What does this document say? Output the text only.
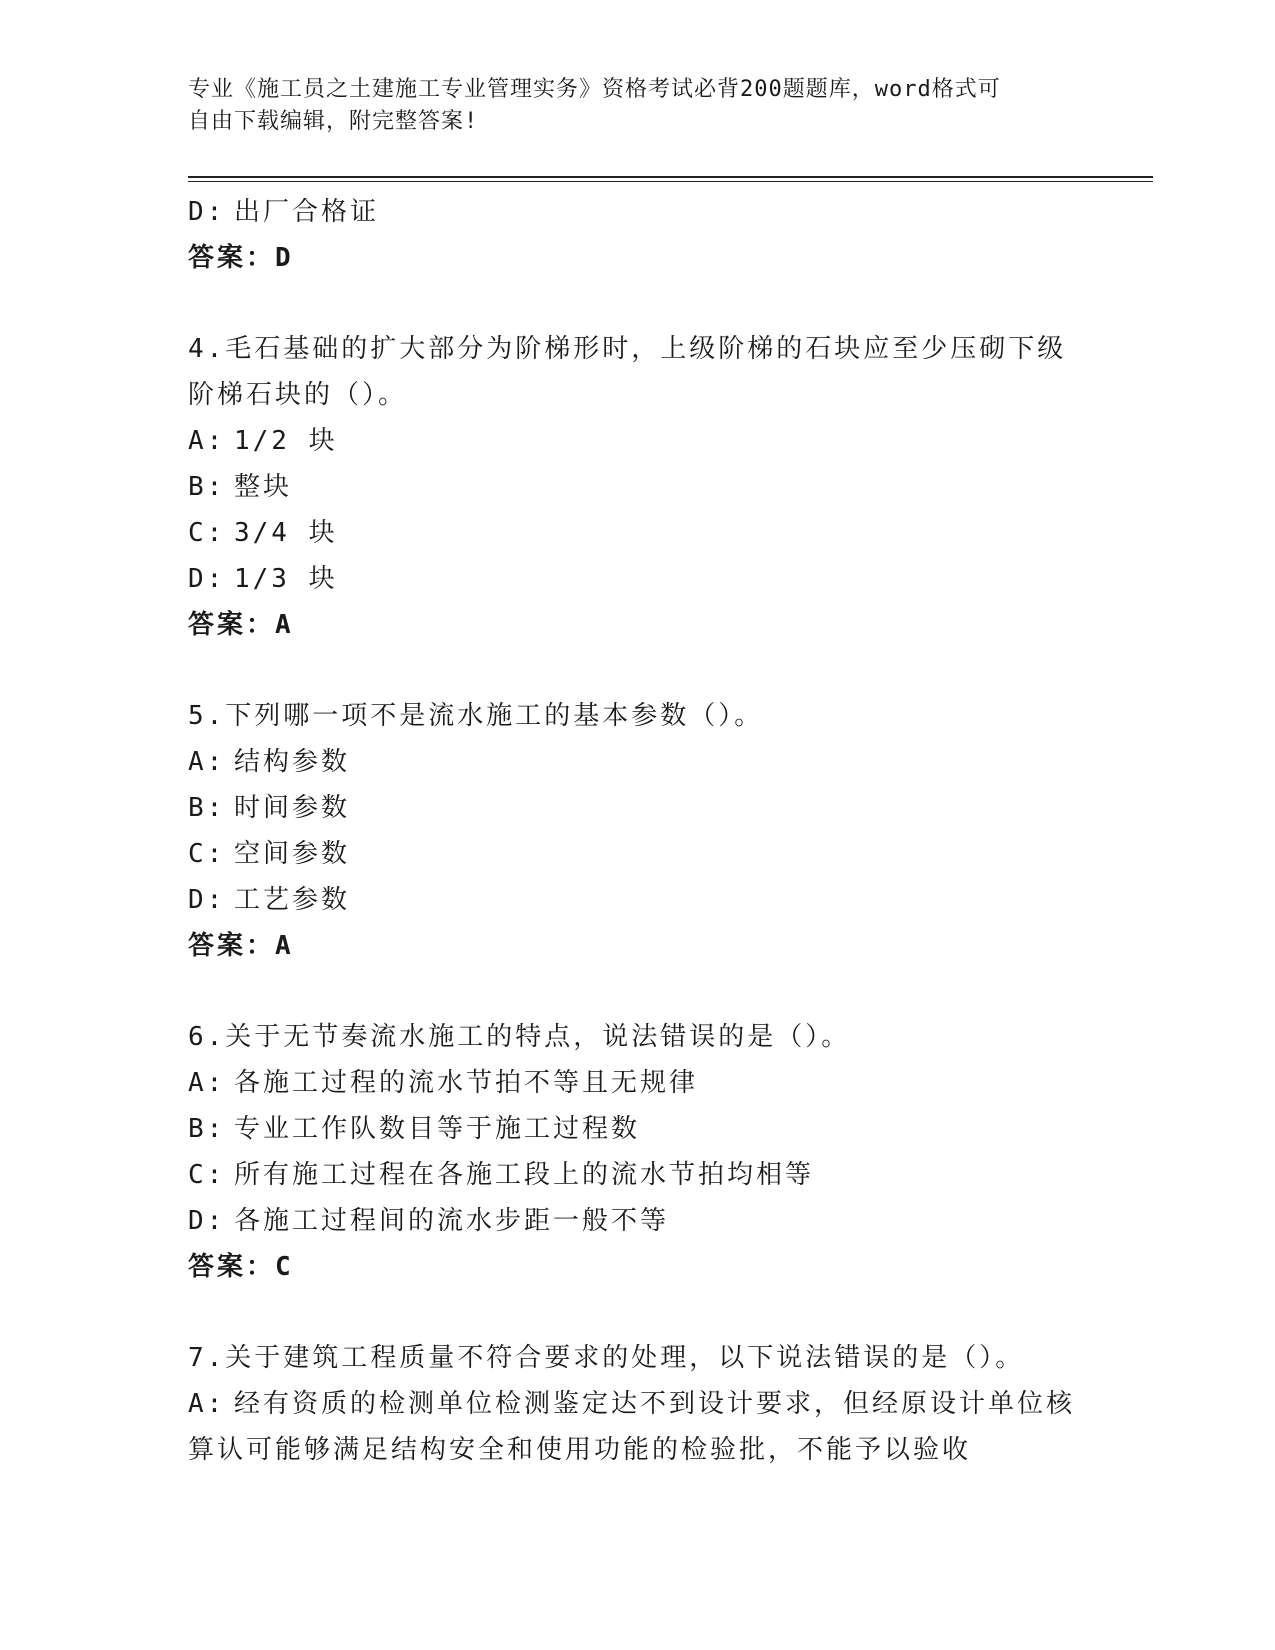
专业《施工员之土建施工专业管理实务》资格考试必背200题题库，word格式可
自由下载编辑，附完整答案!
D: 出厂合格证
答案：D
4.毛石基础的扩大部分为阶梯形时，上级阶梯的石块应至少压砌下级
阶梯石块的（）。
A: 1/2 块
B: 整块
C: 3/4 块
D: 1/3 块
答案：A
5.下列哪一项不是流水施工的基本参数（）。
A: 结构参数
B: 时间参数
C: 空间参数
D: 工艺参数
答案：A
6.关于无节奏流水施工的特点，说法错误的是（）。
A: 各施工过程的流水节拍不等且无规律
B: 专业工作队数目等于施工过程数
C: 所有施工过程在各施工段上的流水节拍均相等
D: 各施工过程间的流水步距一般不等
答案：C
7.关于建筑工程质量不符合要求的处理，以下说法错误的是（）。
A: 经有资质的检测单位检测鉴定达不到设计要求，但经原设计单位核
算认可能够满足结构安全和使用功能的检验批，不能予以验收
